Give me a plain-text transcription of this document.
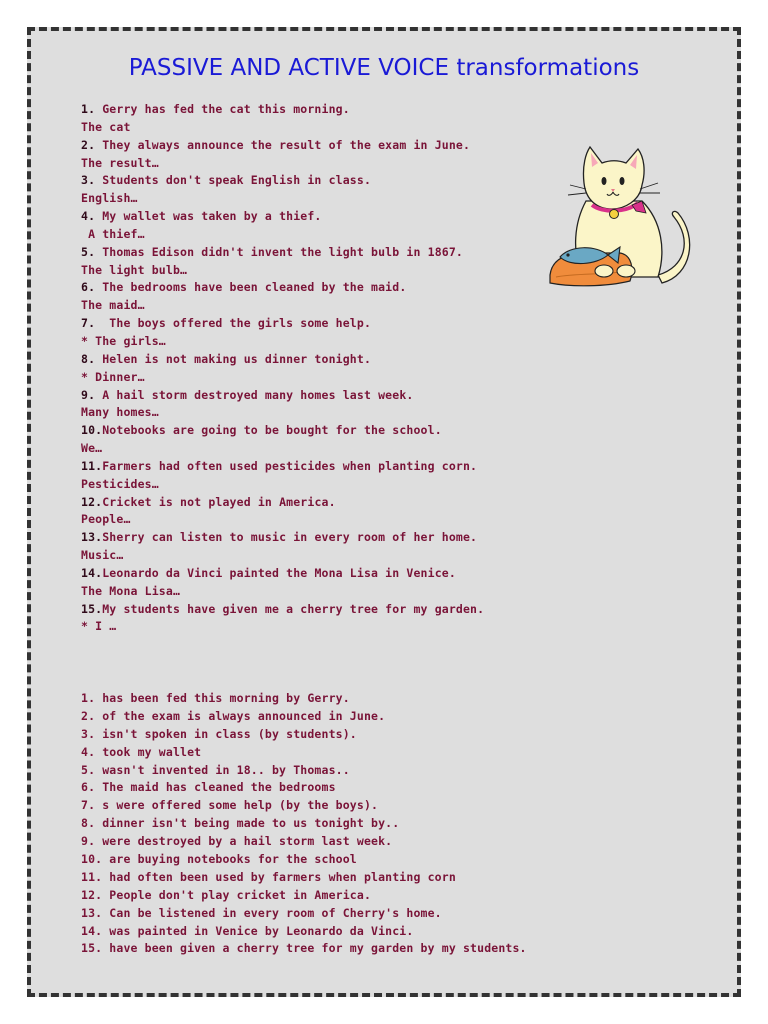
PASSIVE AND ACTIVE VOICE transformations
1. Gerry has fed the cat this morning.
The cat
2. They always announce the result of the exam in June.
The result…
3. Students don't speak English in class.
English…
4. My wallet was taken by a thief.
A thief…
5. Thomas Edison didn't invent the light bulb in 1867.
The light bulb…
6. The bedrooms have been cleaned by the maid.
The maid…
7.  The boys offered the girls some help.
* The girls…
8. Helen is not making us dinner tonight.
* Dinner…
9. A hail storm destroyed many homes last week.
Many homes…
10.Notebooks are going to be bought for the school.
We…
11.Farmers had often used pesticides when planting corn.
Pesticides…
12.Cricket is not played in America.
People…
13.Sherry can listen to music in every room of her home.
Music…
14.Leonardo da Vinci painted the Mona Lisa in Venice.
The Mona Lisa…
15.My students have given me a cherry tree for my garden.
* I …
1. has been fed this morning by Gerry.
2. of the exam is always announced in June.
3. isn't spoken in class (by students).
4. took my wallet
5. wasn't invented in 18.. by Thomas..
6. The maid has cleaned the bedrooms
7. s were offered some help (by the boys).
8. dinner isn't being made to us tonight by..
9. were destroyed by a hail storm last week.
10. are buying notebooks for the school
11. had often been used by farmers when planting corn
12. People don't play cricket in America.
13. Can be listened in every room of Cherry's home.
14. was painted in Venice by Leonardo da Vinci.
15. have been given a cherry tree for my garden by my students.
